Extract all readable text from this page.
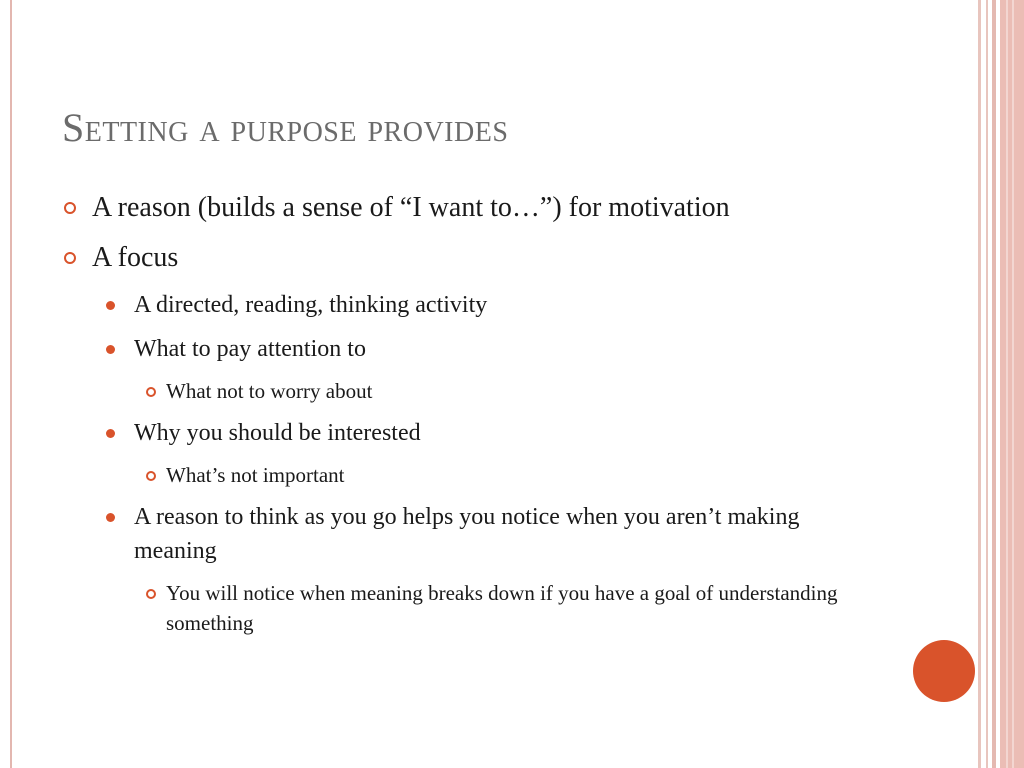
Setting a purpose provides
A reason (builds a sense of “I want to…”) for motivation
A focus
A directed, reading, thinking activity
What to pay attention to
What not to worry about
Why you should be interested
What’s not important
A reason to think as you go helps you notice when you aren’t making meaning
You will notice when meaning breaks down if you have a goal of understanding something
